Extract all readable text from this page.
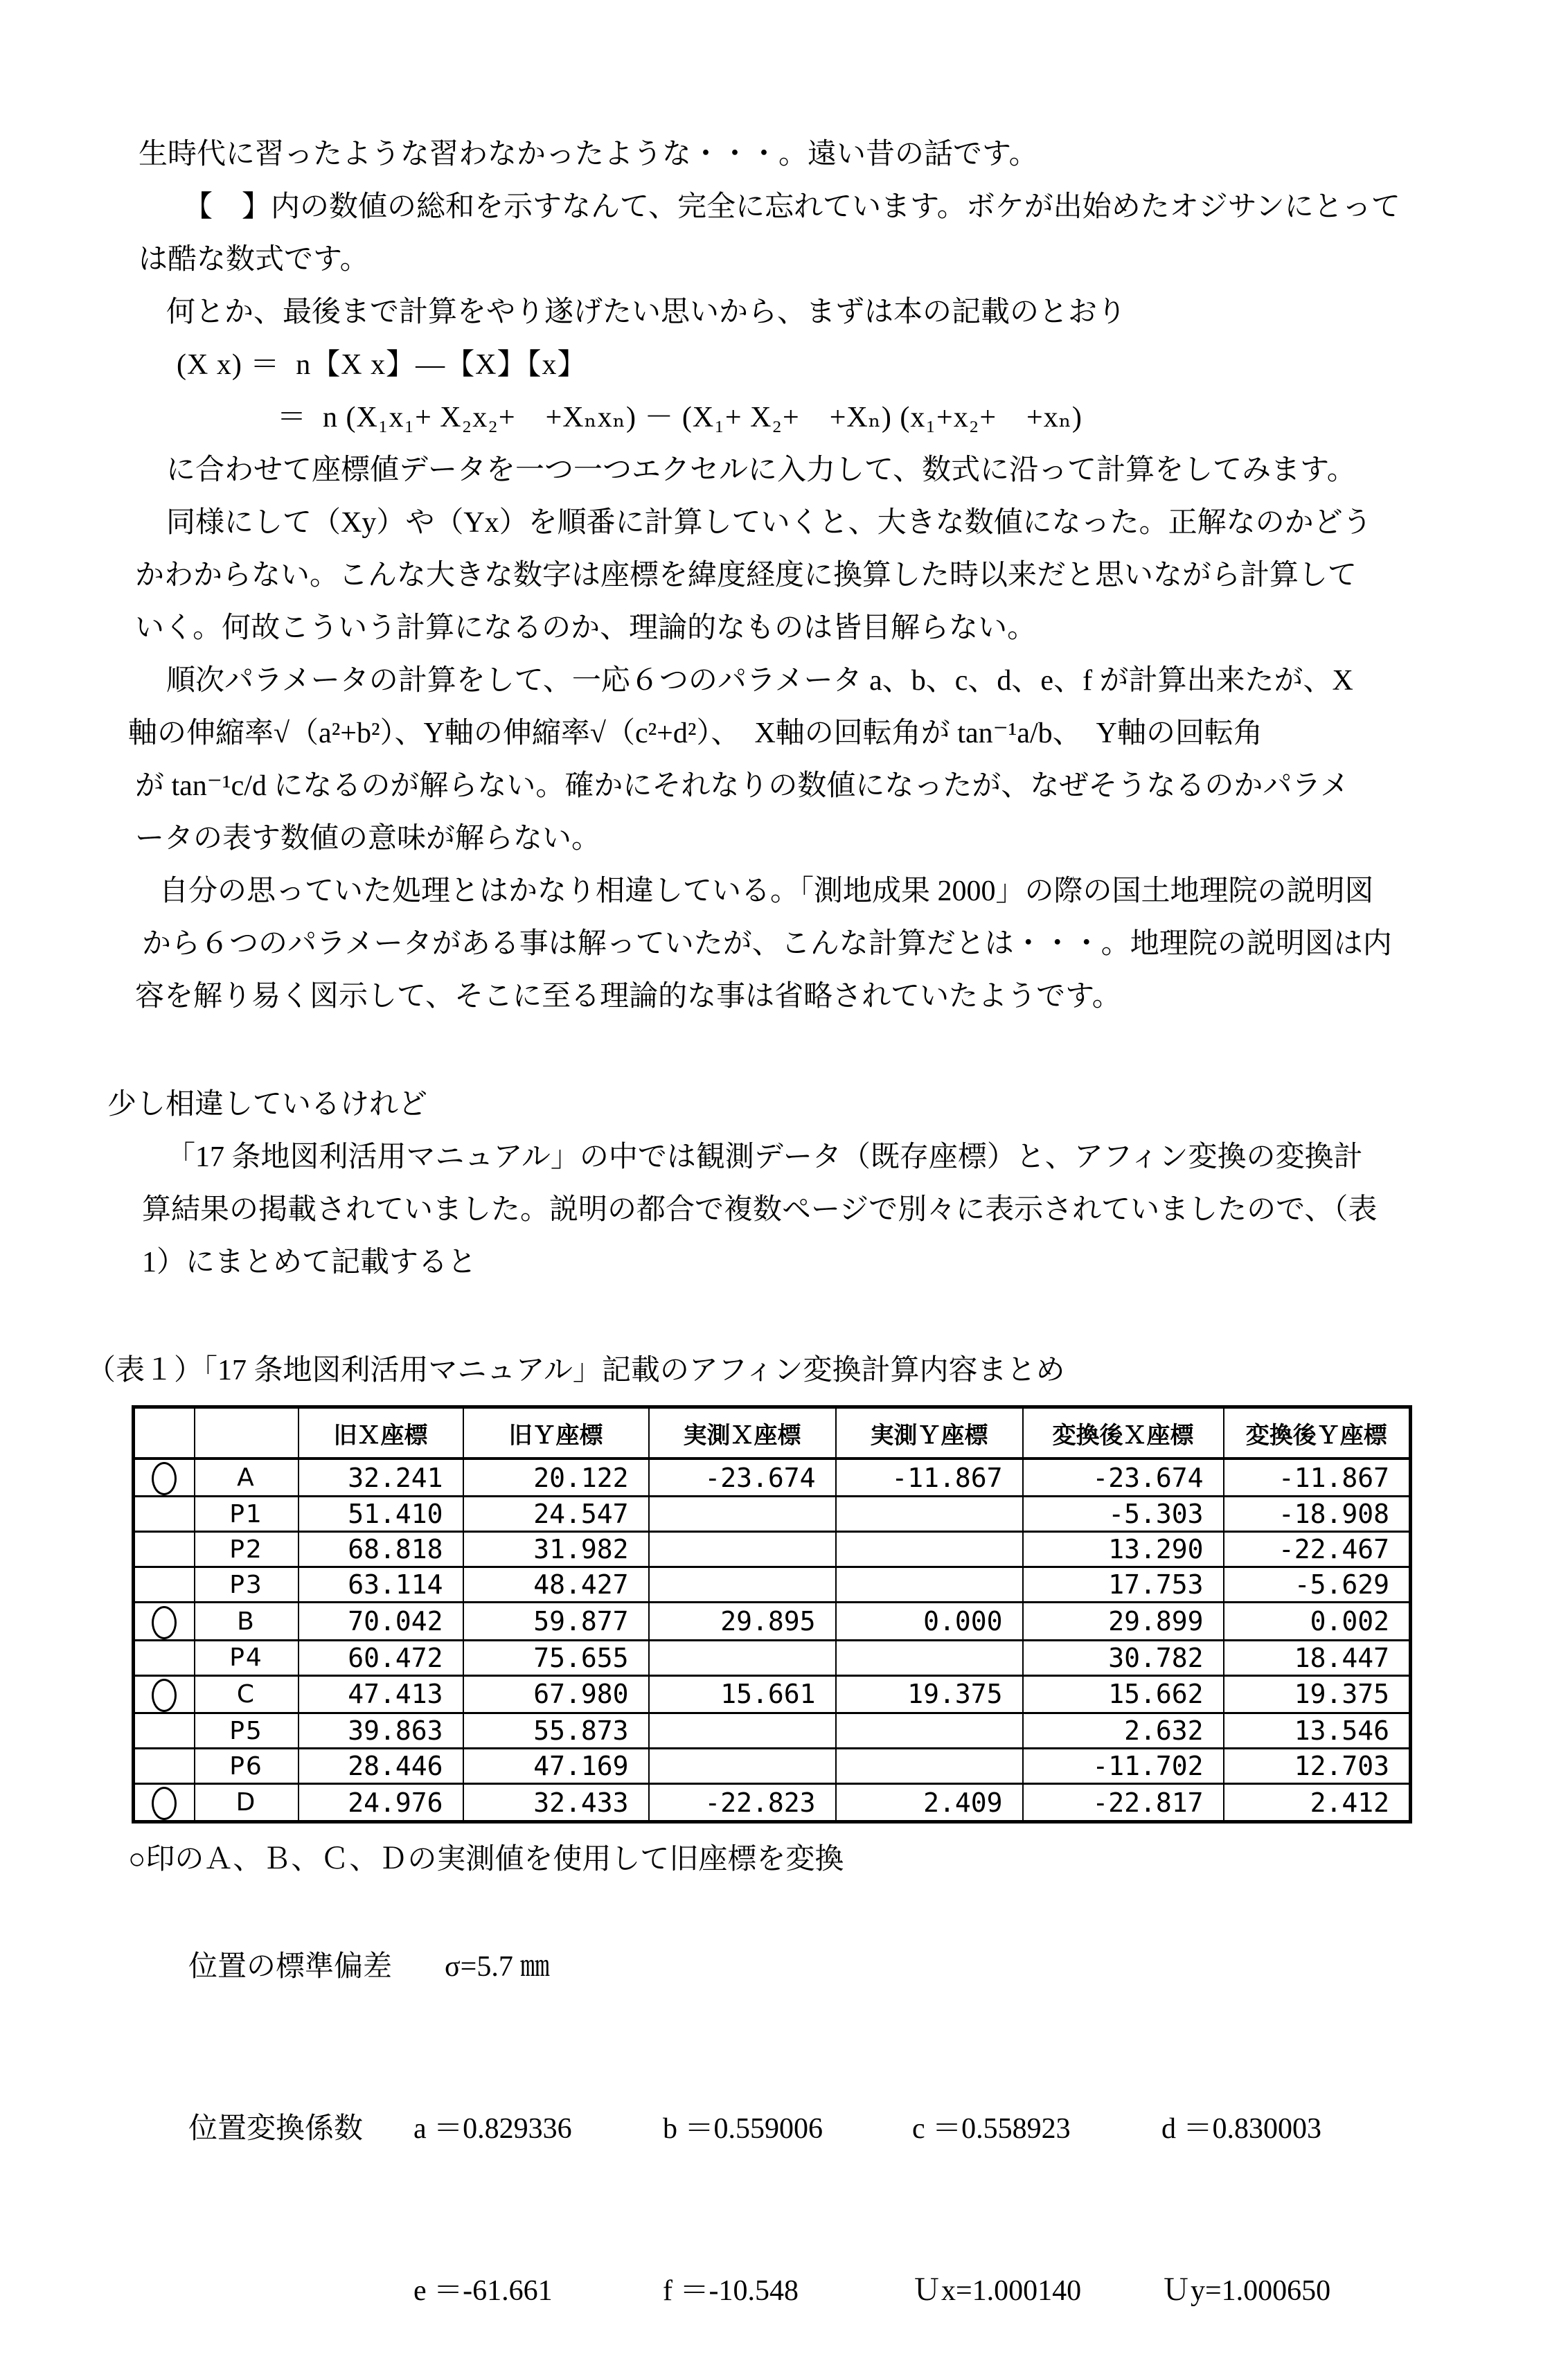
生時代に習ったような習わなかったような・・・。遠い昔の話です。

【　】内の数値の総和を示すなんて、完全に忘れています。ボケが出始めたオジサンにとって

は酷な数式です。

何とか、最後まで計算をやり遂げたい思いから、まずは本の記載のとおり

(X x) ＝  n【X x】―【X】【x】

＝  n (X₁x₁+ X₂x₂+　+Xₙxₙ) － (X₁+ X₂+　+Xₙ) (x₁+x₂+　+xₙ)

に合わせて座標値データを一つ一つエクセルに入力して、数式に沿って計算をしてみます。

同様にして（Xy）や（Yx）を順番に計算していくと、大きな数値になった。正解なのかどう

かわからない。こんな大きな数字は座標を緯度経度に換算した時以来だと思いながら計算して

いく。何故こういう計算になるのか、理論的なものは皆目解らない。

順次パラメータの計算をして、一応６つのパラメータ a、b、c、d、e、f が計算出来たが、X

軸の伸縮率√（a²+b²）、Y軸の伸縮率√（c²+d²）、　X軸の回転角が tan⁻¹a/b、　Y軸の回転角

が tan⁻¹c/d になるのが解らない。確かにそれなりの数値になったが、なぜそうなるのかパラメ

ータの表す数値の意味が解らない。

自分の思っていた処理とはかなり相違している。「測地成果 2000」の際の国土地理院の説明図

から６つのパラメータがある事は解っていたが、こんな計算だとは・・・。地理院の説明図は内

容を解り易く図示して、そこに至る理論的な事は省略されていたようです。

少し相違しているけれど

「17 条地図利活用マニュアル」の中では観測データ（既存座標）と、アフィン変換の変換計

算結果の掲載されていました。説明の都合で複数ページで別々に表示されていましたので、（表

1）にまとめて記載すると

（表１）「17 条地図利活用マニュアル」記載のアフィン変換計算内容まとめ

		旧Ｘ座標	旧Ｙ座標	実測Ｘ座標	実測Ｙ座標	変換後Ｘ座標	変換後Ｙ座標
	A	32.241	20.122	-23.674	-11.867	-23.674	-11.867
	P1	51.410	24.547			-5.303	-18.908
	P2	68.818	31.982			13.290	-22.467
	P3	63.114	48.427			17.753	-5.629
	B	70.042	59.877	29.895	0.000	29.899	0.002
	P4	60.472	75.655			30.782	18.447
	C	47.413	67.980	15.661	19.375	15.662	19.375
	P5	39.863	55.873			2.632	13.546
	P6	28.446	47.169			-11.702	12.703
	D	24.976	32.433	-22.823	2.409	-22.817	2.412

○印のＡ、Ｂ、Ｃ、Ｄの実測値を使用して旧座標を変換

位置の標準偏差 σ=5.7 ㎜

位置変換係数 a ＝0.829336	b ＝0.559006	c ＝0.558923	d ＝0.830003

e ＝-61.661	f ＝-10.548	Ｕx=1.000140	Ｕy=1.000650
